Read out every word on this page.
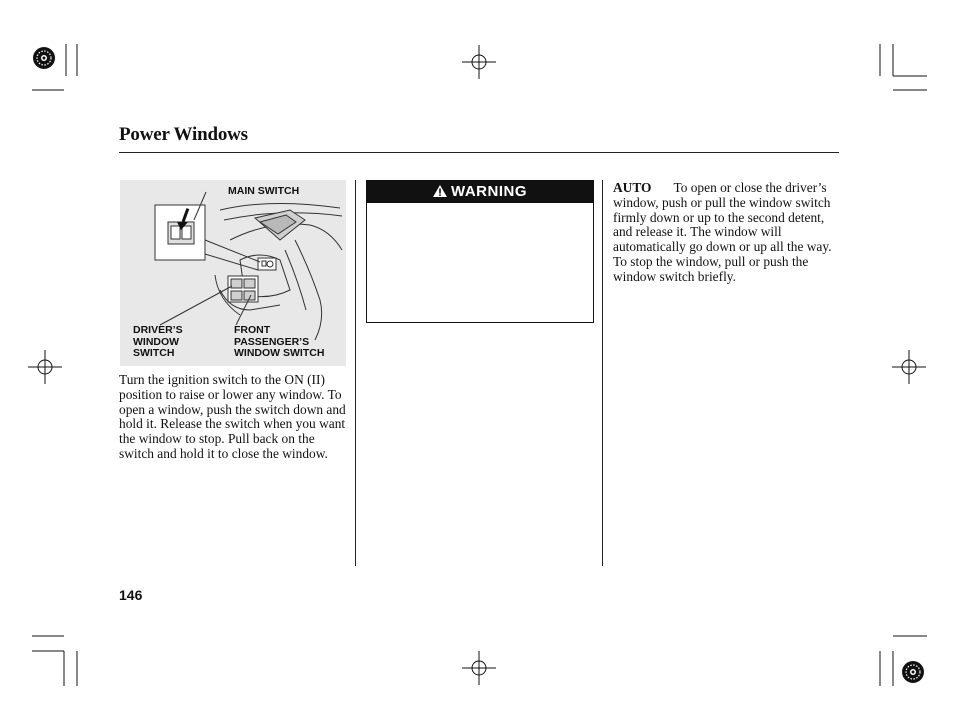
Power Windows
MAIN SWITCH
DRIVER’S
WINDOW
SWITCH
FRONT
PASSENGER’S
WINDOW SWITCH
Turn the ignition switch to the ON (II) position to raise or lower any window. To open a window, push the switch down and hold it. Release the switch when you want the window to stop. Pull back on the switch and hold it to close the window.
WARNING	AUTO To open or close the driver’s window, push or pull the window switch firmly down or up to the second detent, and release it. The window will automatically go down or up all the way. To stop the window, pull or push the window switch briefly.
146
